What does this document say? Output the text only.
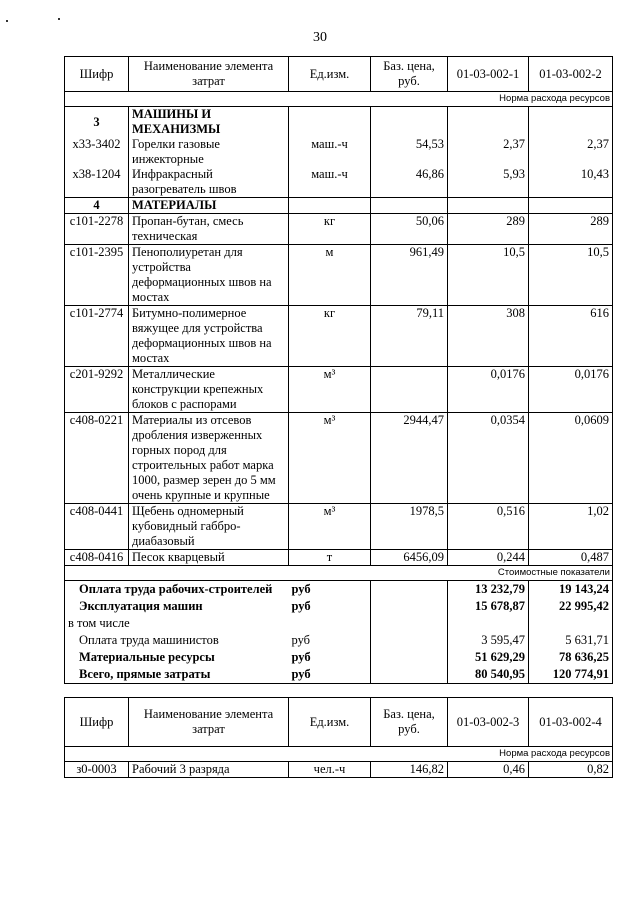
30
Шифр	Наименование элемента затрат	Ед.изм.	Баз. цена, руб.	01-03-002-1	01-03-002-2
Норма расхода ресурсов					
3	МАШИНЫ И МЕХАНИЗМЫ				
х33-3402	Горелки газовые инжекторные	маш.-ч	54,53	2,37	2,37
х38-1204	Инфракрасный разогреватель швов	маш.-ч	46,86	5,93	10,43
4	МАТЕРИАЛЫ				
с101-2278	Пропан-бутан, смесь техническая	кг	50,06	289	289
с101-2395	Пенополиуретан для устройства деформационных швов на мостах	м	961,49	10,5	10,5
с101-2774	Битумно-полимерное вяжущее для устройства деформационных швов на мостах	кг	79,11	308	616
с201-9292	Металлические конструкции крепежных блоков с распорами	м³		0,0176	0,0176
с408-0221	Материалы из отсевов дробления изверженных горных пород для строительных работ марка 1000, размер зерен до 5 мм очень крупные и крупные	м³	2944,47	0,0354	0,0609
с408-0441	Щебень одномерный кубовидный габбро-диабазовый	м³	1978,5	0,516	1,02
с408-0416	Песок кварцевый	т	6456,09	0,244	0,487
Стоимостные показатели					
Оплата труда рабочих-строителей		руб		13 232,79	19 143,24
Эксплуатация машин		руб		15 678,87	22 995,42
в том числе					
Оплата труда машинистов		руб		3 595,47	5 631,71
Материальные ресурсы		руб		51 629,29	78 636,25
Всего, прямые затраты		руб		80 540,95	120 774,91
Шифр	Наименование элемента затрат	Ед.изм.	Баз. цена, руб.	01-03-002-3	01-03-002-4
Норма расхода ресурсов					
з0-0003	Рабочий 3 разряда	чел.-ч	146,82	0,46	0,82
